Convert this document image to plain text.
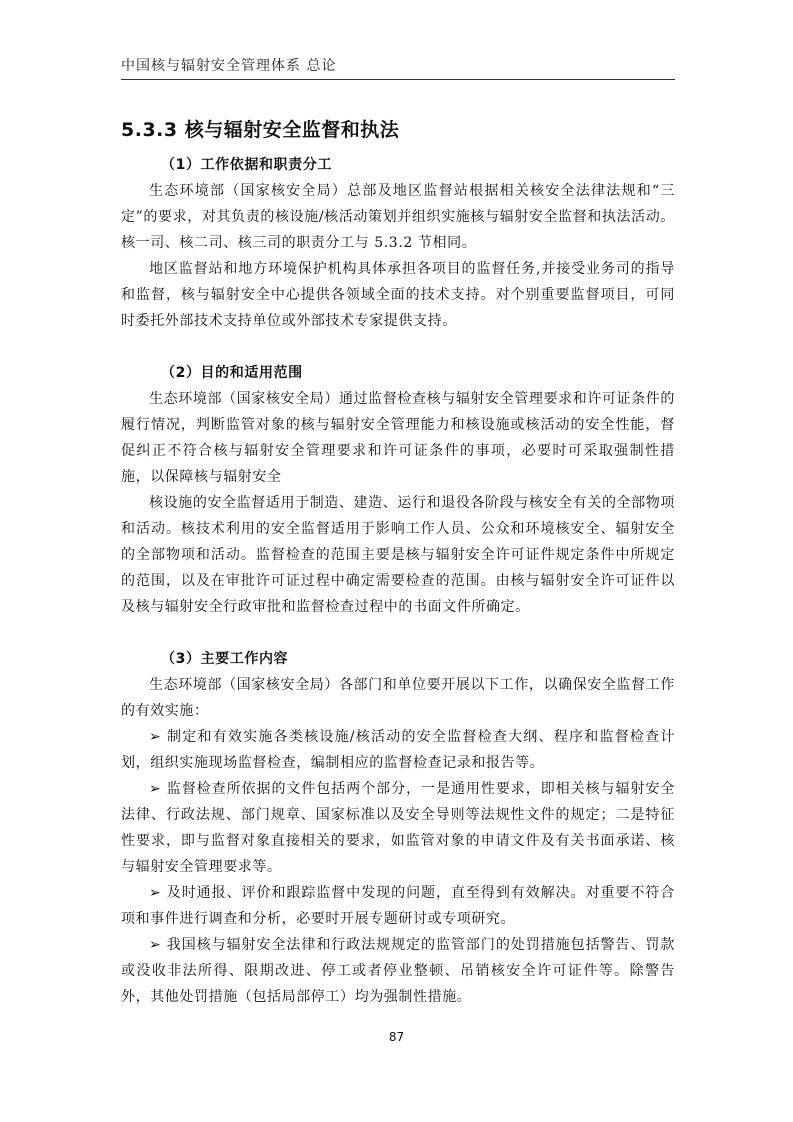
中国核与辐射安全管理体系 总论
5.3.3 核与辐射安全监督和执法

（1）工作依据和职责分工

生态环境部（国家核安全局）总部及地区监督站根据相关核安全法律法规和“三定”的要求，对其负责的核设施/核活动策划并组织实施核与辐射安全监督和执法活动。核一司、核二司、核三司的职责分工与 5.3.2 节相同。

地区监督站和地方环境保护机构具体承担各项目的监督任务,并接受业务司的指导和监督，核与辐射安全中心提供各领域全面的技术支持。对个别重要监督项目，可同时委托外部技术支持单位或外部技术专家提供支持。

（2）目的和适用范围

生态环境部（国家核安全局）通过监督检查核与辐射安全管理要求和许可证条件的履行情况，判断监管对象的核与辐射安全管理能力和核设施或核活动的安全性能，督促纠正不符合核与辐射安全管理要求和许可证条件的事项，必要时可采取强制性措施，以保障核与辐射安全

核设施的安全监督适用于制造、建造、运行和退役各阶段与核安全有关的全部物项和活动。核技术利用的安全监督适用于影响工作人员、公众和环境核安全、辐射安全的全部物项和活动。监督检查的范围主要是核与辐射安全许可证件规定条件中所规定的范围，以及在审批许可证过程中确定需要检查的范围。由核与辐射安全许可证件以及核与辐射安全行政审批和监督检查过程中的书面文件所确定。

（3）主要工作内容

生态环境部（国家核安全局）各部门和单位要开展以下工作，以确保安全监督工作的有效实施：

➢ 制定和有效实施各类核设施/核活动的安全监督检查大纲、程序和监督检查计划，组织实施现场监督检查，编制相应的监督检查记录和报告等。

➢ 监督检查所依据的文件包括两个部分，一是通用性要求，即相关核与辐射安全法律、行政法规、部门规章、国家标准以及安全导则等法规性文件的规定；二是特征性要求，即与监督对象直接相关的要求，如监管对象的申请文件及有关书面承诺、核与辐射安全管理要求等。

➢ 及时通报、评价和跟踪监督中发现的问题，直至得到有效解决。对重要不符合项和事件进行调查和分析，必要时开展专题研讨或专项研究。

➢ 我国核与辐射安全法律和行政法规规定的监管部门的处罚措施包括警告、罚款或没收非法所得、限期改进、停工或者停业整顿、吊销核安全许可证件等。除警告外，其他处罚措施（包括局部停工）均为强制性措施。

87
